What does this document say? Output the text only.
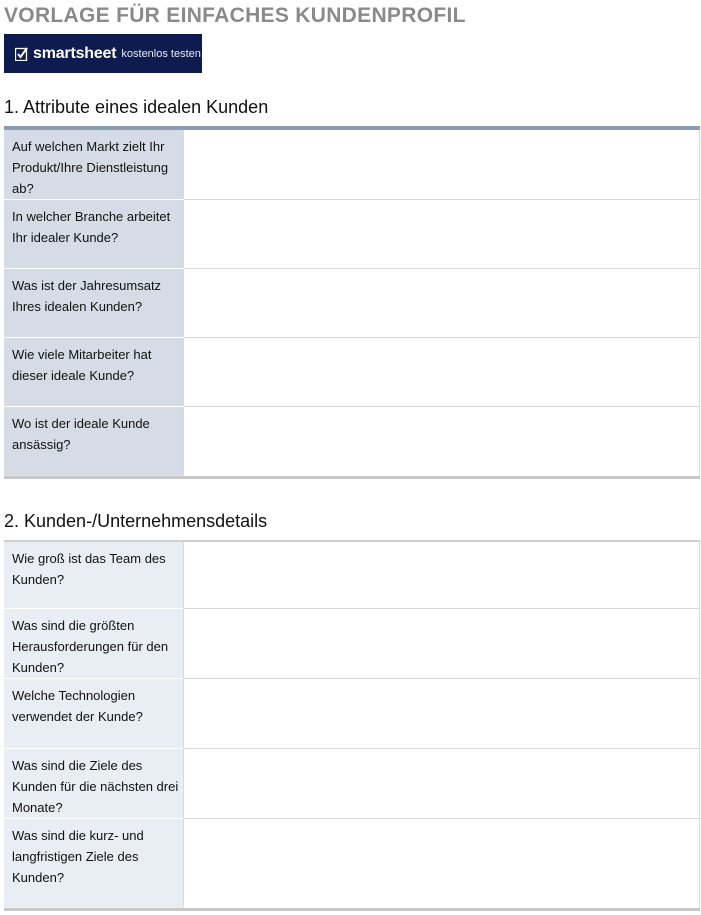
VORLAGE FÜR EINFACHES KUNDENPROFIL
smartsheet kostenlos testen
1. Attribute eines idealen Kunden
Auf welchen Markt zielt Ihr Produkt/Ihre Dienstleistung ab?	
In welcher Branche arbeitet Ihr idealer Kunde?	
Was ist der Jahresumsatz Ihres idealen Kunden?	
Wie viele Mitarbeiter hat dieser ideale Kunde?	
Wo ist der ideale Kunde ansässig?	
2. Kunden-/Unternehmensdetails
Wie groß ist das Team des Kunden?	
Was sind die größten Herausforderungen für den Kunden?	
Welche Technologien verwendet der Kunde?	
Was sind die Ziele des Kunden für die nächsten drei Monate?	
Was sind die kurz- und langfristigen Ziele des Kunden?	
